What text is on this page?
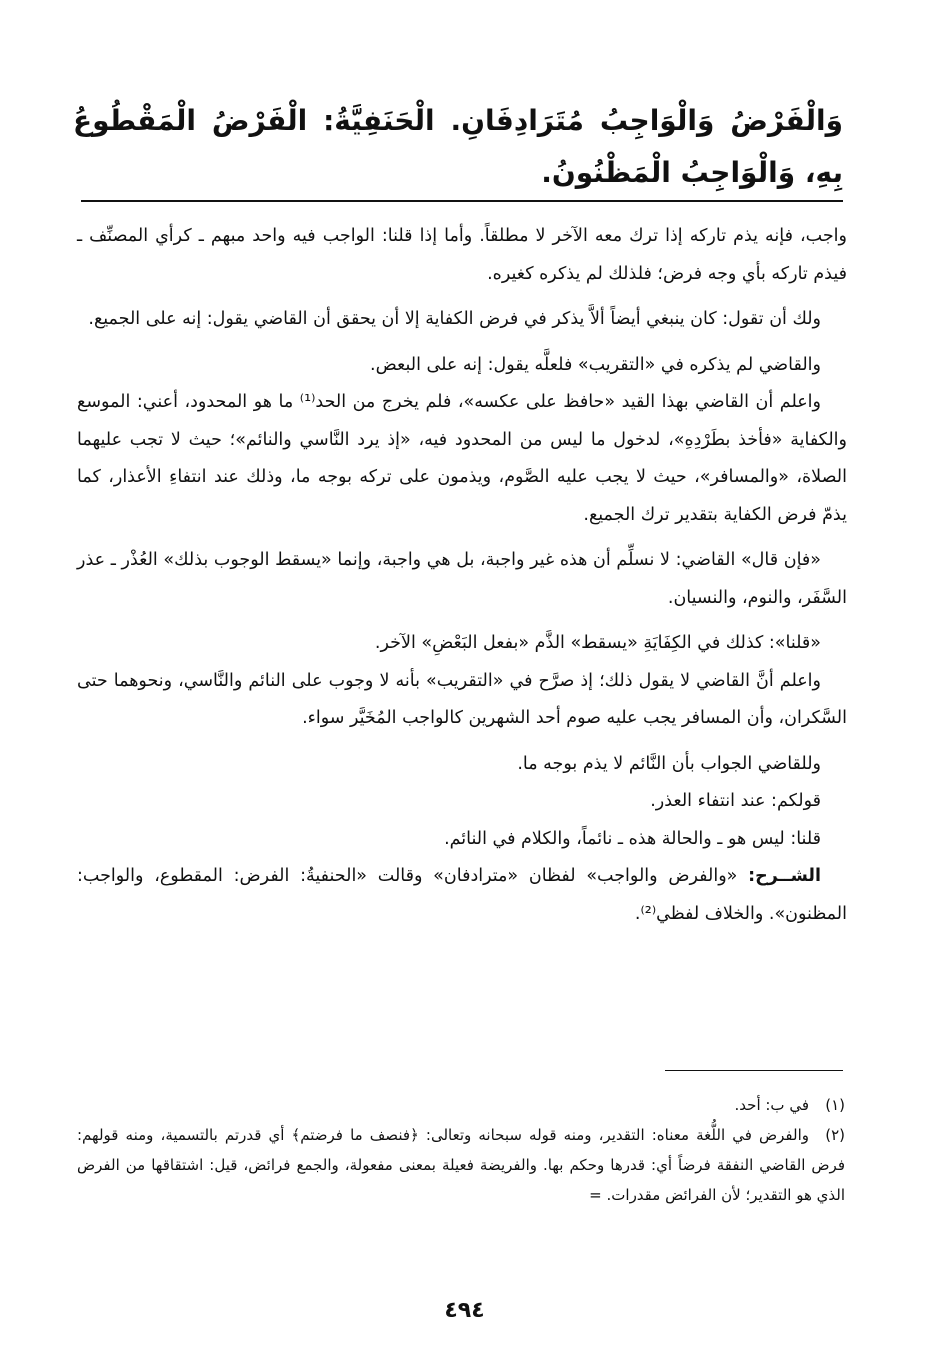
وَالْفَرْضُ وَالْوَاجِبُ مُتَرَادِفَانِ. الْحَنَفِيَّةُ: الْفَرْضُ الْمَقْطُوعُ بِهِ، وَالْوَاجِبُ الْمَظْنُونُ.

واجب، فإنه يذم تاركه إذا ترك معه الآخر لا مطلقاً. وأما إذا قلنا: الواجب فيه واحد مبهم ـ كرأي المصنِّف ـ فيذم تاركه بأي وجه فرض؛ فلذلك لم يذكره كغيره.

ولك أن تقول: كان ينبغي أيضاً ألاَّ يذكر في فرض الكفاية إلا أن يحقق أن القاضي يقول: إنه على الجميع.

والقاضي لم يذكره في «التقريب» فلعلَّه يقول: إنه على البعض.

واعلم أن القاضي بهذا القيد «حافظ على عكسه»، فلم يخرج من الحد⁽¹⁾ ما هو المحدود، أعني: الموسع والكفاية «فأخذ بطَرْدِهِ»، لدخول ما ليس من المحدود فيه، «إذ يرد النَّاسي والنائم»؛ حيث لا تجب عليهما الصلاة، «والمسافر»، حيث لا يجب عليه الصَّوم، ويذمون على تركه بوجه ما، وذلك عند انتفاءِ الأعذار، كما يذمّ فرض الكفاية بتقدير ترك الجميع.

«فإن قال» القاضي: لا نسلِّم أن هذه غير واجبة، بل هي واجبة، وإنما «يسقط الوجوب بذلك» العُذْر ـ عذر السَّفَر، والنوم، والنسيان.

«قلنا»: كذلك في الكِفَايَةِ «يسقط» الذَّم «بفعل البَعْضِ» الآخر.

واعلم أنَّ القاضي لا يقول ذلك؛ إذ صرَّح في «التقريب» بأنه لا وجوب على النائم والنَّاسي، ونحوهما حتى السَّكران، وأن المسافر يجب عليه صوم أحد الشهرين كالواجب المُخَيَّر سواء.

وللقاضي الجواب بأن النَّائم لا يذم بوجه ما.

قولكم: عند انتفاء العذر.

قلنا: ليس هو ـ والحالة هذه ـ نائماً، والكلام في النائم.

الشــرح: «والفرض والواجب» لفظان «مترادفان» وقالت «الحنفيةُ: الفرض: المقطوع، والواجب: المظنون». والخلاف لفظي⁽²⁾.

(١)في ب: أحد.

(٢)والفرض في اللُّغة معناه: التقدير، ومنه قوله سبحانه وتعالى: ﴿فنصف ما فرضتم﴾ أي قدرتم بالتسمية، ومنه قولهم: فرض القاضي النفقة فرضاً أي: قدرها وحكم بها. والفريضة فعيلة بمعنى مفعولة، والجمع فرائض، قيل: اشتقاقها من الفرض الذي هو التقدير؛ لأن الفرائض مقدرات. =

٤٩٤
